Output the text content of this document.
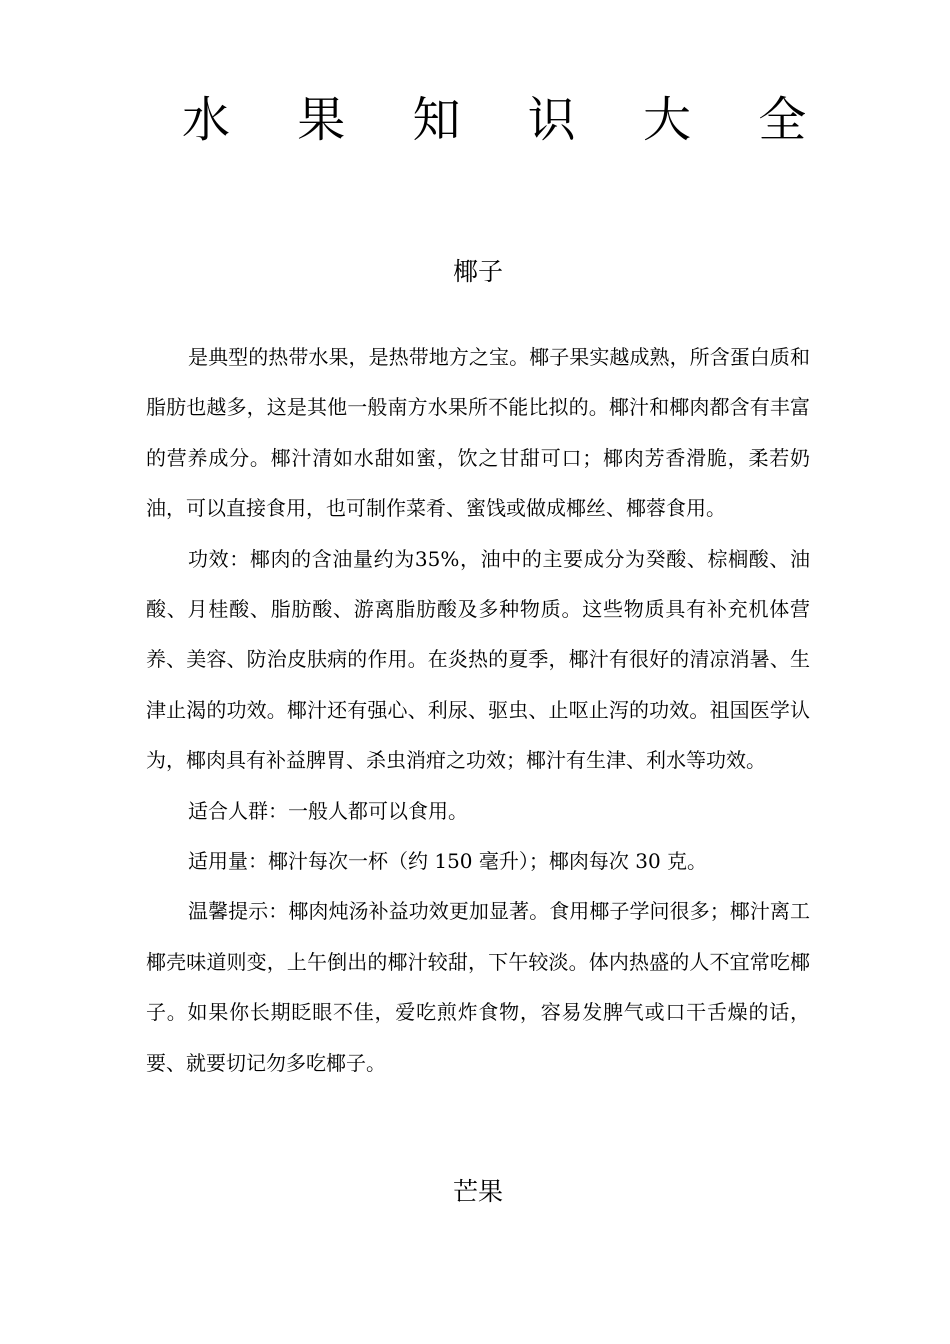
水 果 知 识 大 全
椰子

是典型的热带水果，是热带地方之宝。椰子果实越成熟，所含蛋白质和脂肪也越多，这是其他一般南方水果所不能比拟的。椰汁和椰肉都含有丰富的营养成分。椰汁清如水甜如蜜，饮之甘甜可口；椰肉芳香滑脆，柔若奶油，可以直接食用，也可制作菜肴、蜜饯或做成椰丝、椰蓉食用。

功效：椰肉的含油量约为35%，油中的主要成分为癸酸、棕榈酸、油酸、月桂酸、脂肪酸、游离脂肪酸及多种物质。这些物质具有补充机体营养、美容、防治皮肤病的作用。在炎热的夏季，椰汁有很好的清凉消暑、生津止渴的功效。椰汁还有强心、利尿、驱虫、止呕止泻的功效。祖国医学认为，椰肉具有补益脾胃、杀虫消疳之功效；椰汁有生津、利水等功效。

适合人群：一般人都可以食用。

适用量：椰汁每次一杯（约 150 毫升）；椰肉每次 30 克。

温馨提示：椰肉炖汤补益功效更加显著。食用椰子学问很多；椰汁离工椰壳味道则变，上午倒出的椰汁较甜，下午较淡。体内热盛的人不宜常吃椰子。如果你长期眨眼不佳，爱吃煎炸食物，容易发脾气或口干舌燥的话，要、就要切记勿多吃椰子。

芒果
